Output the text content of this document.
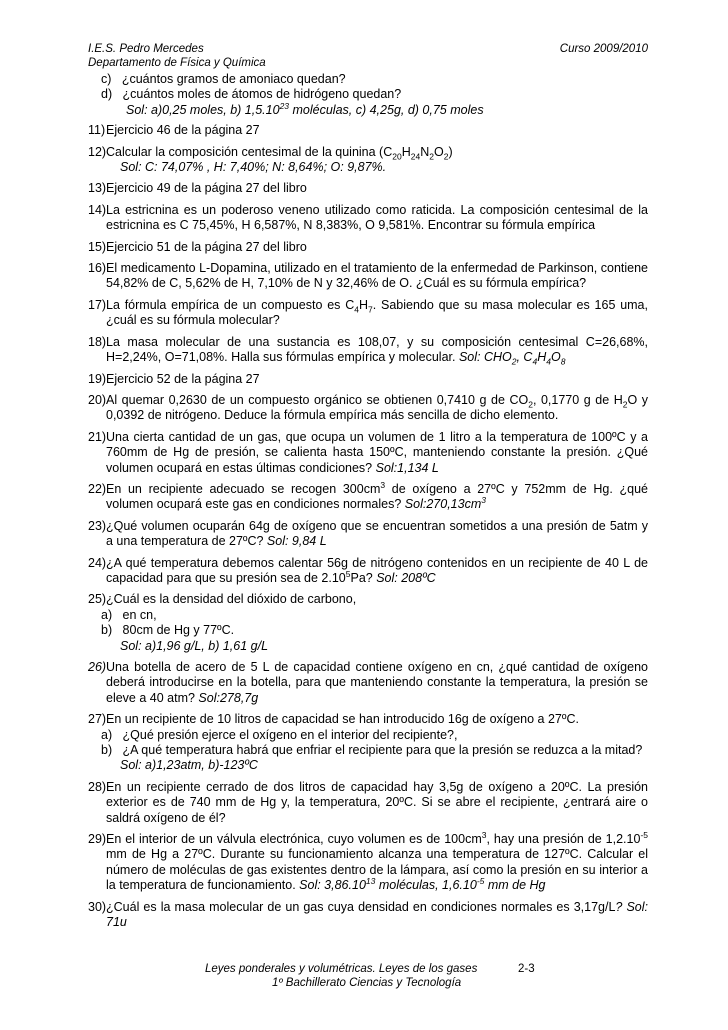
I.E.S. Pedro Mercedes
Departamento de Física y Química
Curso 2009/2010
c) ¿cuántos gramos de amoniaco quedan?
d) ¿cuántos moles de átomos de hidrógeno quedan?
Sol: a)0,25 moles, b) 1,5.10$^{23}$ moléculas, c) 4,25g, d) 0,75 moles
11)Ejercicio 46 de la página 27
12)Calcular la composición centesimal de la quinina $(C_{20}H_{24}N_2O_2)$
Sol: C: 74,07% , H: 7,40%; N: 8,64%; O: 9,87%.
13)Ejercicio 49 de la página 27 del libro
14)La estricnina es un poderoso veneno utilizado como raticida. La composición centesimal de la estricnina es C 75,45%, H 6,587%, N 8,383%, O 9,581%. Encontrar su fórmula empírica
15)Ejercicio 51 de la página 27 del libro
16)El medicamento L-Dopamina, utilizado en el tratamiento de la enfermedad de Parkinson, contiene 54,82% de C, 5,62% de H, 7,10% de N y 32,46% de O. ¿Cuál es su fórmula empírica?
17)La fórmula empírica de un compuesto es $C_4H_7$. Sabiendo que su masa molecular es 165 uma, ¿cuál es su fórmula molecular?
18)La masa molecular de una sustancia es 108,07, y su composición centesimal C=26,68%, H=2,24%, O=71,08%. Halla sus fórmulas empírica y molecular. Sol: $CHO_2$, $C_4H_4O_8$
19)Ejercicio 52 de la página 27
20)Al quemar 0,2630 de un compuesto orgánico se obtienen 0,7410 g de $CO_2$, 0,1770 g de $H_2O$ y 0,0392 de nitrógeno. Deduce la fórmula empírica más sencilla de dicho elemento.
21)Una cierta cantidad de un gas, que ocupa un volumen de 1 litro a la temperatura de 100ºC y a 760mm de Hg de presión, se calienta hasta 150ºC, manteniendo constante la presión. ¿Qué volumen ocupará en estas últimas condiciones? Sol:1,134 L
22)En un recipiente adecuado se recogen $300cm^3$ de oxígeno a 27ºC y 752mm de Hg. ¿qué volumen ocupará este gas en condiciones normales? $Sol:270,13cm^3$
23)¿Qué volumen ocuparán 64g de oxígeno que se encuentran sometidos a una presión de 5atm y a una temperatura de 27ºC? Sol: 9,84 L
24)¿A qué temperatura debemos calentar 56g de nitrógeno contenidos en un recipiente de 40 L de capacidad para que su presión sea de 2.10$^5$Pa? Sol: 208ºC
25)¿Cuál es la densidad del dióxido de carbono,
a) en cn,
b) 80cm de Hg y 77ºC.
Sol: a)1,96 g/L, b) 1,61 g/L
26)Una botella de acero de 5 L de capacidad contiene oxígeno en cn, ¿qué cantidad de oxígeno deberá introducirse en la botella, para que manteniendo constante la temperatura, la presión se eleve a 40 atm? Sol:278,7g
27)En un recipiente de 10 litros de capacidad se han introducido 16g de oxígeno a 27ºC.
a) ¿Qué presión ejerce el oxígeno en el interior del recipiente?,
b) ¿A qué temperatura habrá que enfriar el recipiente para que la presión se reduzca a la mitad?
Sol: a)1,23atm, b)-123ºC
28)En un recipiente cerrado de dos litros de capacidad hay 3,5g de oxígeno a 20ºC. La presión exterior es de 740 mm de Hg y, la temperatura, 20ºC. Si se abre el recipiente, ¿entrará aire o saldrá oxígeno de él?
29)En el interior de un válvula electrónica, cuyo volumen es de $100cm^3$, hay una presión de $1,2.10^{-5}$ mm de Hg a 27ºC. Durante su funcionamiento alcanza una temperatura de 127ºC. Calcular el número de moléculas de gas existentes dentro de la lámpara, así como la presión en su interior a la temperatura de funcionamiento. Sol: 3,86.10$^{13}$ moléculas, $1,6.10^{-5}$ mm de Hg
30)¿Cuál es la masa molecular de un gas cuya densidad en condiciones normales es 3,17g/L? Sol: 71u
Leyes ponderales y volumétricas. Leyes de los gases	2-3
1º Bachillerato Ciencias y Tecnología
